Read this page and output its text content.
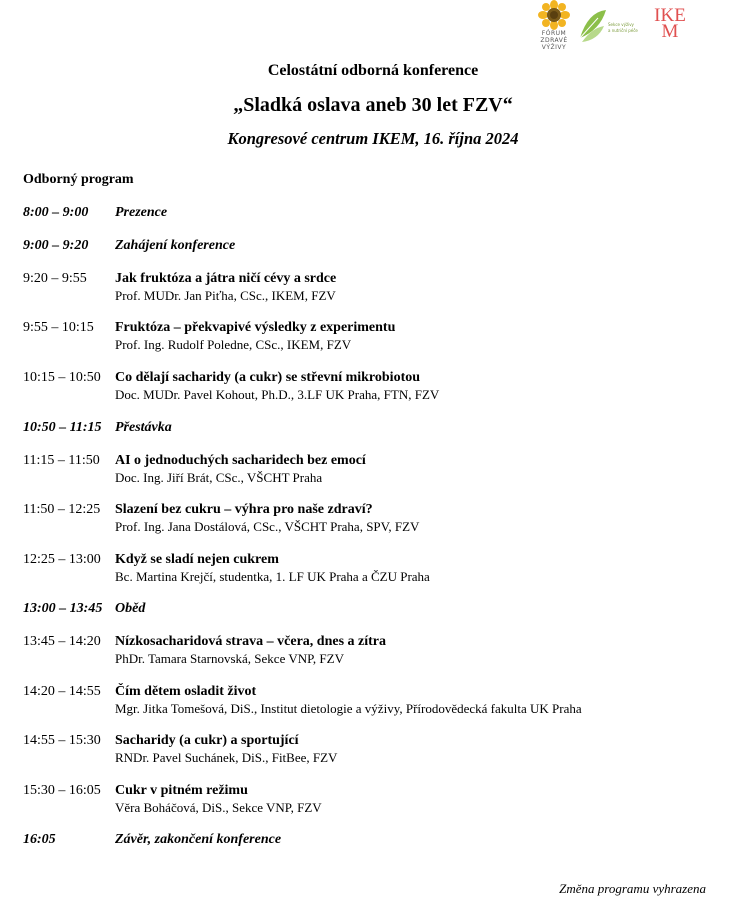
FÓRUM
ZDRAVÉ
VÝŽIVY
Sekce výživy
a nutriční péče
IKE
M
Celostátní odborná konference
„Sladká oslava aneb 30 let FZV“
Kongresové centrum IKEM, 16. října 2024
Odborný program
8:00 – 9:00	Prezence
9:00 – 9:20	Zahájení konference
9:20 – 9:55	Jak fruktóza a játra ničí cévy a srdce
Prof. MUDr. Jan Piťha, CSc., IKEM, FZV
9:55 – 10:15	Fruktóza – překvapivé výsledky z experimentu
Prof. Ing. Rudolf Poledne, CSc., IKEM, FZV
10:15 – 10:50	Co dělají sacharidy (a cukr) se střevní mikrobiotou
Doc. MUDr. Pavel Kohout, Ph.D., 3.LF UK Praha, FTN, FZV
10:50 – 11:15 Přestávka
11:15 – 11:50	AI o jednoduchých sacharidech bez emocí
Doc. Ing. Jiří Brát, CSc., VŠCHT Praha
11:50 – 12:25	Slazení bez cukru – výhra pro naše zdraví?
Prof. Ing. Jana Dostálová, CSc., VŠCHT Praha, SPV, FZV
12:25 – 13:00	Když se sladí nejen cukrem
Bc. Martina Krejčí, studentka, 1. LF UK Praha a ČZU Praha
13:00 – 13:45 Oběd
13:45 – 14:20	Nízkosacharidová strava – včera, dnes a zítra
PhDr. Tamara Starnovská, Sekce VNP, FZV
14:20 – 14:55	Čím dětem osladit život
Mgr. Jitka Tomešová, DiS., Institut dietologie a výživy, Přírodovědecká fakulta UK Praha
14:55 – 15:30	Sacharidy (a cukr) a sportující
RNDr. Pavel Suchánek, DiS., FitBee, FZV
15:30 – 16:05	Cukr v pitném režimu
Věra Boháčová, DiS., Sekce VNP, FZV
16:05	Závěr, zakončení konference
Změna programu vyhrazena
